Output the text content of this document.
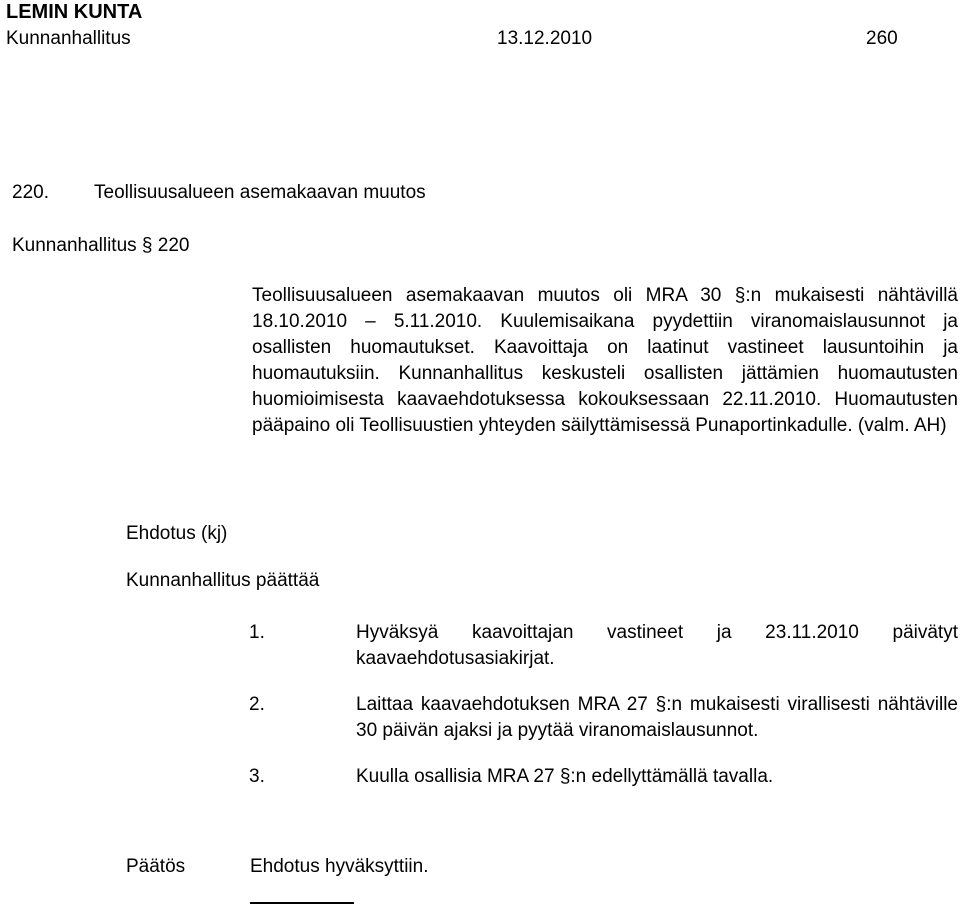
LEMIN KUNTA
Kunnanhallitus	13.12.2010	260
220. Teollisuusalueen asemakaavan muutos
Kunnanhallitus § 220

Teollisuusalueen asemakaavan muutos oli MRA 30 §:n mukaisesti nähtävillä 18.10.2010 – 5.11.2010. Kuulemisaikana pyydettiin viranomaislausunnot ja osallisten huomautukset. Kaavoittaja on laatinut vastineet lausuntoihin ja huomautuksiin. Kunnanhallitus keskusteli osallisten jättämien huomautusten huomioimisesta kaavaehdotuksessa kokouksessaan 22.11.2010. Huomautusten pääpaino oli Teollisuustien yhteyden säilyttämisessä Punaportinkadulle. (valm. AH)

Ehdotus (kj)
Kunnanhallitus päättää
1.	Hyväksyä kaavoittajan vastineet ja 23.11.2010 päivätyt kaavaehdotusasiakirjat.
2.	Laittaa kaavaehdotuksen MRA 27 §:n mukaisesti virallisesti nähtäville 30 päivän ajaksi ja pyytää viranomaislausunnot.
3.	Kuulla osallisia MRA 27 §:n edellyttämällä tavalla.
Päätös	Ehdotus hyväksyttiin.
